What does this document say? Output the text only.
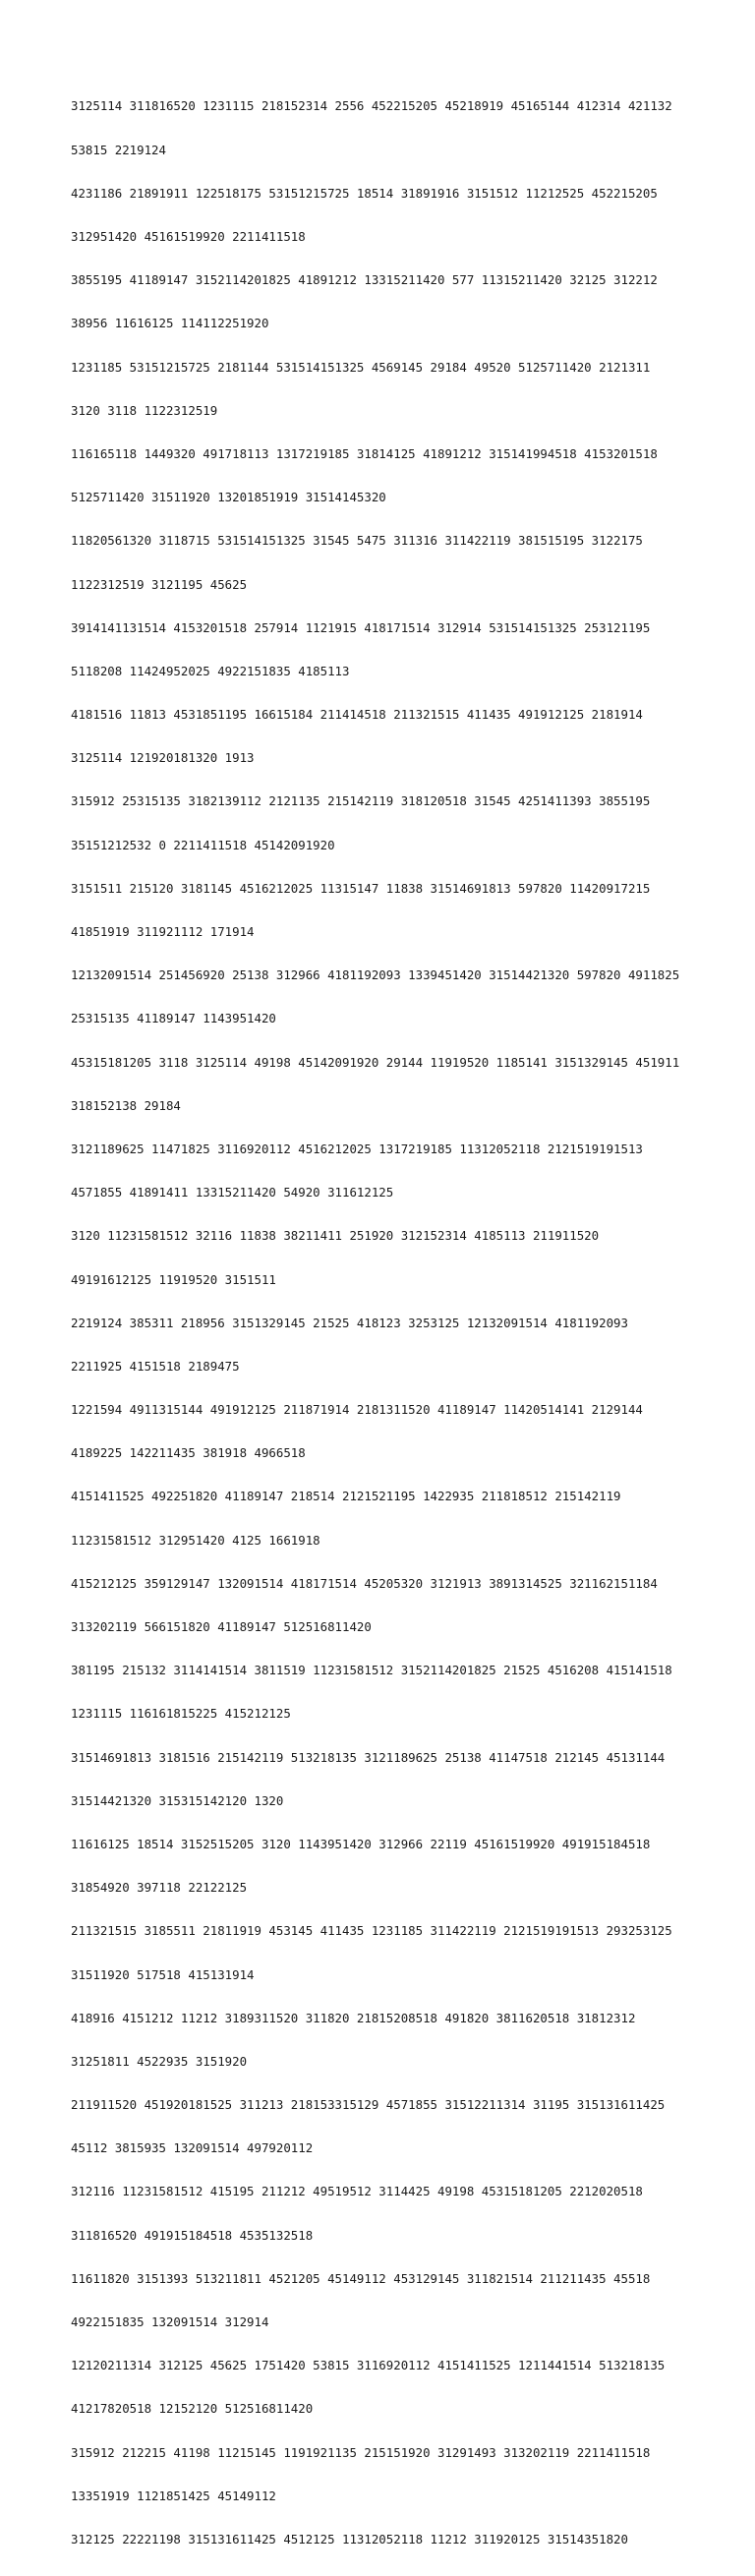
3125114 311816520 1231115 218152314 2556 452215205 45218919 45165144 412314 421132

53815 2219124

4231186 21891911 122518175 53151215725 18514 31891916 3151512 11212525 452215205

312951420 45161519920 2211411518

3855195 41189147 3152114201825 41891212 13315211420 577 11315211420 32125 312212

38956 11616125 114112251920

1231185 53151215725 2181144 531514151325 4569145 29184 49520 5125711420 2121311

3120 3118 1122312519

116165118 1449320 491718113 1317219185 31814125 41891212 315141994518 4153201518

5125711420 31511920 13201851919 31514145320

11820561320 3118715 531514151325 31545 5475 311316 311422119 381515195 3122175

1122312519 3121195 45625

3914141131514 4153201518 257914 1121915 418171514 312914 531514151325 253121195

5118208 11424952025 4922151835 4185113

4181516 11813 4531851195 16615184 211414518 211321515 411435 491912125 2181914

3125114 121920181320 1913

315912 25315135 3182139112 2121135 215142119 318120518 31545 4251411393 3855195

35151212532 0 2211411518 45142091920

3151511 215120 3181145 4516212025 11315147 11838 31514691813 597820 11420917215

41851919 311921112 171914

12132091514 251456920 25138 312966 4181192093 1339451420 31514421320 597820 4911825

25315135 41189147 1143951420

45315181205 3118 3125114 49198 45142091920 29144 11919520 1185141 3151329145 451911

318152138 29184

3121189625 11471825 3116920112 4516212025 1317219185 11312052118 2121519191513

4571855 41891411 13315211420 54920 311612125

3120 11231581512 32116 11838 38211411 251920 312152314 4185113 211911520

49191612125 11919520 3151511

2219124 385311 218956 3151329145 21525 418123 3253125 12132091514 4181192093

2211925 4151518 2189475

1221594 4911315144 491912125 211871914 2181311520 41189147 11420514141 2129144

4189225 142211435 381918 4966518

4151411525 492251820 41189147 218514 2121521195 1422935 211818512 215142119

11231581512 312951420 4125 1661918

415212125 359129147 132091514 418171514 45205320 3121913 3891314525 321162151184

313202119 566151820 41189147 512516811420

381195 215132 3114141514 3811519 11231581512 3152114201825 21525 4516208 415141518

1231115 116161815225 415212125

31514691813 3181516 215142119 513218135 3121189625 25138 41147518 212145 45131144

31514421320 315315142120 1320

11616125 18514 3152515205 3120 1143951420 312966 22119 45161519920 491915184518

31854920 397118 22122125

211321515 3185511 21811919 453145 411435 1231185 311422119 2121519191513 293253125

31511920 517518 415131914

418916 4151212 11212 3189311520 311820 21815208518 491820 3811620518 31812312

31251811 4522935 3151920

211911520 451920181525 311213 218153315129 4571855 31512211314 31195 315131611425

45112 3815935 132091514 497920112

312116 11231581512 415195 211212 49519512 3114425 49198 45315181205 2212020518

311816520 491915184518 4535132518

11611820 3151393 513211811 4521205 45149112 453129145 311821514 211211435 45518

4922151835 132091514 312914

12120211314 312125 45625 1751420 53815 3116920112 4151411525 1211441514 513218135

41217820518 12152120 512516811420

315912 212215 41198 11215145 1191921135 215151920 31291493 313202119 2211411518

13351919 1121851425 45149112

312125 22221198 315131611425 4512125 11312052118 11212 311920125 31514351820
